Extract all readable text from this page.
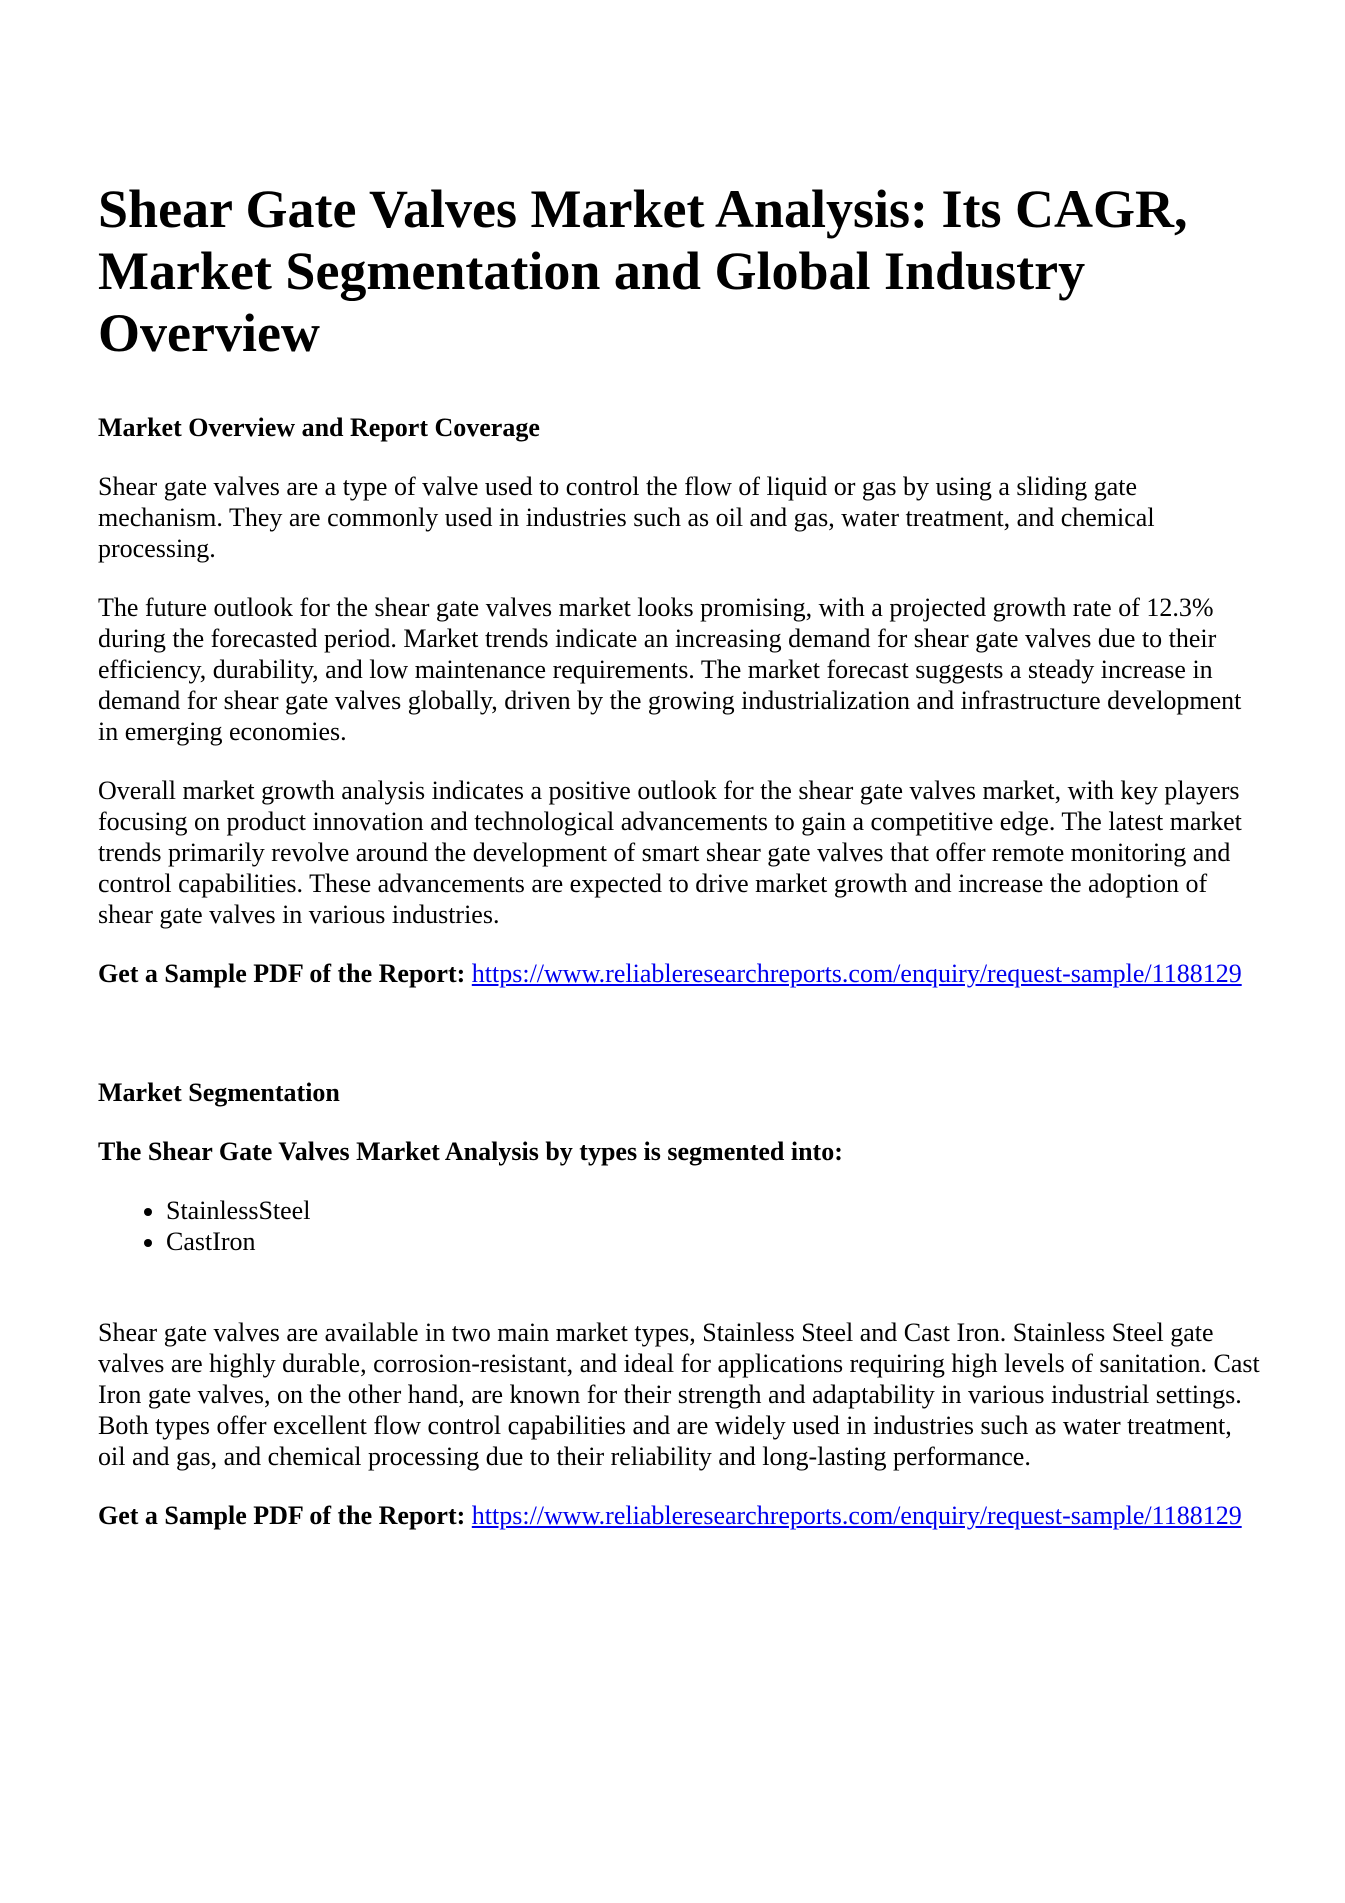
Shear Gate Valves Market Analysis: Its CAGR, Market Segmentation and Global Industry Overview
Market Overview and Report Coverage

Shear gate valves are a type of valve used to control the flow of liquid or gas by using a sliding gate mechanism. They are commonly used in industries such as oil and gas, water treatment, and chemical processing.

The future outlook for the shear gate valves market looks promising, with a projected growth rate of 12.3% during the forecasted period. Market trends indicate an increasing demand for shear gate valves due to their efficiency, durability, and low maintenance requirements. The market forecast suggests a steady increase in demand for shear gate valves globally, driven by the growing industrialization and infrastructure development in emerging economies.

Overall market growth analysis indicates a positive outlook for the shear gate valves market, with key players focusing on product innovation and technological advancements to gain a competitive edge. The latest market trends primarily revolve around the development of smart shear gate valves that offer remote monitoring and control capabilities. These advancements are expected to drive market growth and increase the adoption of shear gate valves in various industries.

Get a Sample PDF of the Report: https://www.reliableresearchreports.com/enquiry/request-sample/1188129

Market Segmentation
The Shear Gate Valves Market Analysis by types is segmented into:
• StainlessSteel
• CastIron

Shear gate valves are available in two main market types, Stainless Steel and Cast Iron. Stainless Steel gate valves are highly durable, corrosion-resistant, and ideal for applications requiring high levels of sanitation. Cast Iron gate valves, on the other hand, are known for their strength and adaptability in various industrial settings. Both types offer excellent flow control capabilities and are widely used in industries such as water treatment, oil and gas, and chemical processing due to their reliability and long-lasting performance.

Get a Sample PDF of the Report: https://www.reliableresearchreports.com/enquiry/request-sample/1188129
